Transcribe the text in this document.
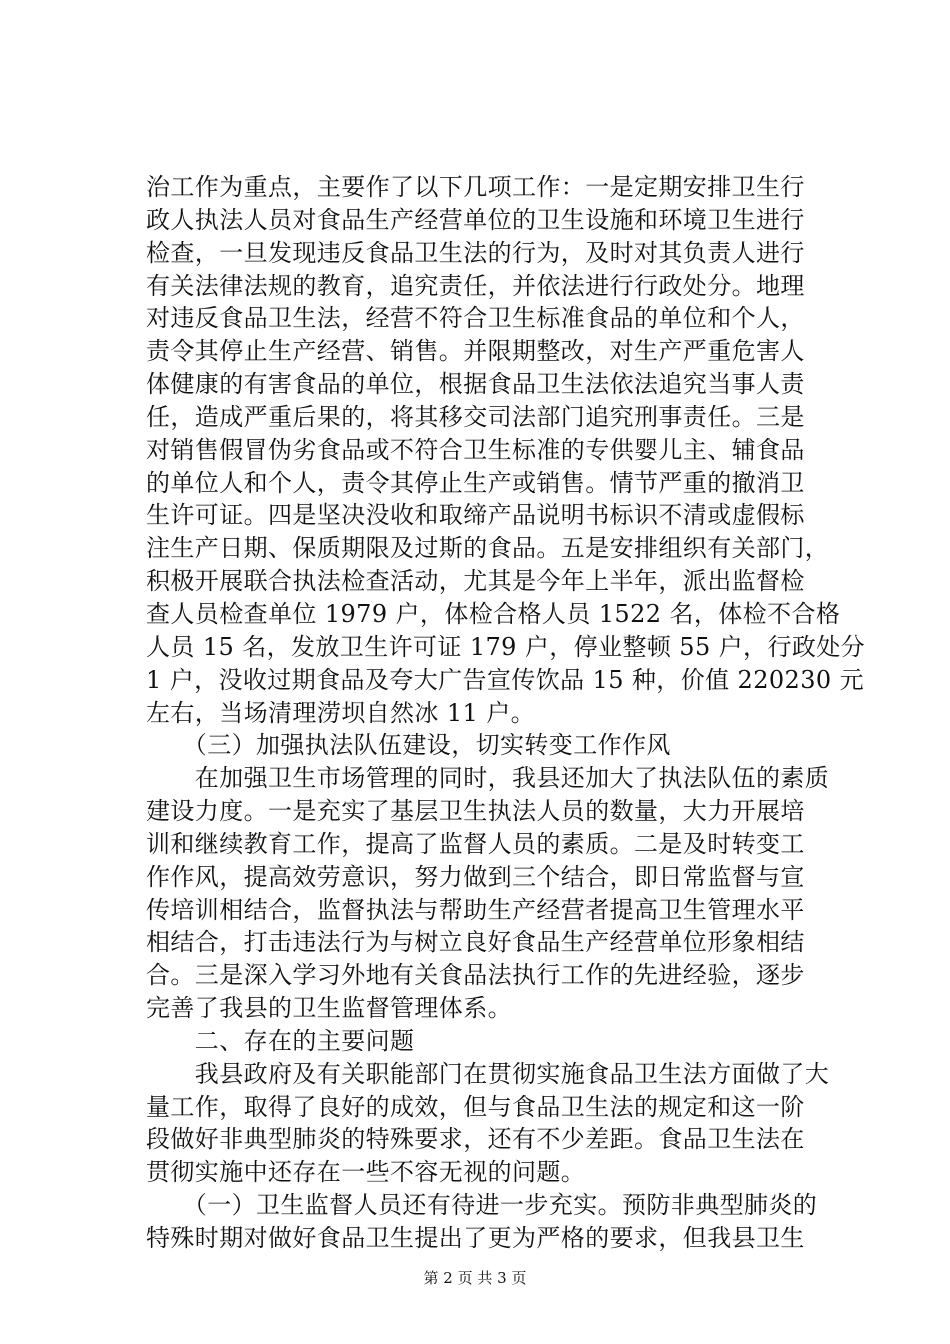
治工作为重点，主要作了以下几项工作：一是定期安排卫生行
政人执法人员对食品生产经营单位的卫生设施和环境卫生进行
检查，一旦发现违反食品卫生法的行为，及时对其负责人进行
有关法律法规的教育，追究责任，并依法进行行政处分。地理
对违反食品卫生法，经营不符合卫生标准食品的单位和个人，
责令其停止生产经营、销售。并限期整改，对生产严重危害人
体健康的有害食品的单位，根据食品卫生法依法追究当事人责
任，造成严重后果的，将其移交司法部门追究刑事责任。三是
对销售假冒伪劣食品或不符合卫生标准的专供婴儿主、辅食品
的单位人和个人，责令其停止生产或销售。情节严重的撤消卫
生许可证。四是坚决没收和取缔产品说明书标识不清或虚假标
注生产日期、保质期限及过斯的食品。五是安排组织有关部门，
积极开展联合执法检查活动，尤其是今年上半年，派出监督检
查人员检查单位 1979 户，体检合格人员 1522 名，体检不合格
人员 15 名，发放卫生许可证 179 户，停业整顿 55 户，行政处分
1 户，没收过期食品及夸大广告宣传饮品 15 种，价值 220230 元
左右，当场清理涝坝自然冰 11 户。
　　（三）加强执法队伍建设，切实转变工作作风
　　在加强卫生市场管理的同时，我县还加大了执法队伍的素质
建设力度。一是充实了基层卫生执法人员的数量，大力开展培
训和继续教育工作，提高了监督人员的素质。二是及时转变工
作作风，提高效劳意识，努力做到三个结合，即日常监督与宣
传培训相结合，监督执法与帮助生产经营者提高卫生管理水平
相结合，打击违法行为与树立良好食品生产经营单位形象相结
合。三是深入学习外地有关食品法执行工作的先进经验，逐步
完善了我县的卫生监督管理体系。
　　二、存在的主要问题
　　我县政府及有关职能部门在贯彻实施食品卫生法方面做了大
量工作，取得了良好的成效，但与食品卫生法的规定和这一阶
段做好非典型肺炎的特殊要求，还有不少差距。食品卫生法在
贯彻实施中还存在一些不容无视的问题。
　　（一）卫生监督人员还有待进一步充实。预防非典型肺炎的
特殊时期对做好食品卫生提出了更为严格的要求，但我县卫生
第 2 页 共 3 页
